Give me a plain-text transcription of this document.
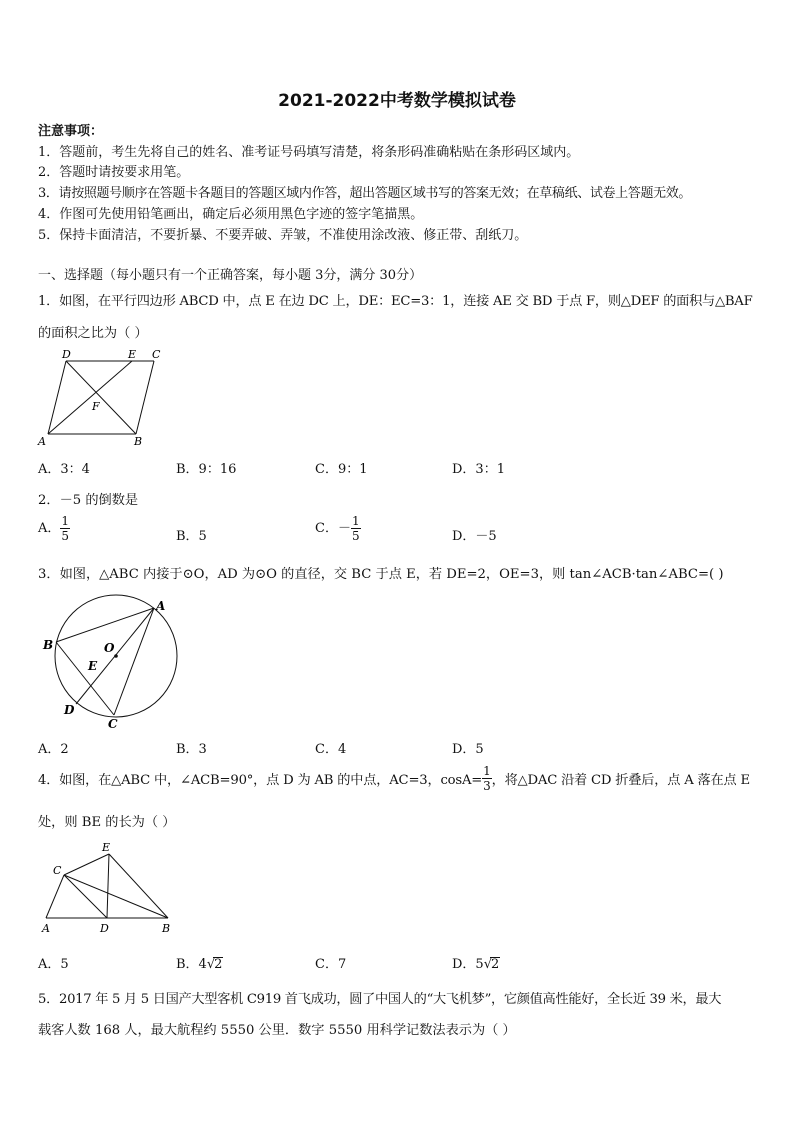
2021-2022中考数学模拟试卷
注意事项：
1．答题前，考生先将自己的姓名、准考证号码填写清楚，将条形码准确粘贴在条形码区域内。
2．答题时请按要求用笔。
3．请按照题号顺序在答题卡各题目的答题区域内作答，超出答题区域书写的答案无效；在草稿纸、试卷上答题无效。
4．作图可先使用铅笔画出，确定后必须用黑色字迹的签字笔描黑。
5．保持卡面清洁，不要折暴、不要弄破、弄皱，不准使用涂改液、修正带、刮纸刀。
一、选择题（每小题只有一个正确答案，每小题 3分，满分 30分）
1．如图，在平行四边形 ABCD 中，点 E 在边 DC 上，DE：EC=3：1，连接 AE 交 BD 于点 F，则△DEF 的面积与△BAF
的面积之比为（ ）
D	E C
F
A	B
A．3：4	B．9：16	C．9：1	D．3：1
2．－5 的倒数是
A． $\frac{1}{5}$	B．5
C．－ $\frac{1}{5}$	D．－5
3．如图，△ABC 内接于⊙O，AD 为⊙O 的直径，交 BC 于点 E，若 DE=2，OE=3，则 tan∠ACB·tan∠ABC=( )
A
B	O
E
D
C
A．2	B．3	C．4	D．5
4．如图，在△ABC 中，∠ACB=90°，点 D 为 AB 的中点，AC=3，$\cos A= \frac{1}{3}$ ，将△DAC 沿着 CD 折叠后，点 A 落在点 E
处，则 BE 的长为（ ）
E
C
A	D	B
A．5	B．4√2	C．7	D．5√2
5．2017 年 5 月 5 日国产大型客机 C919 首飞成功，圆了中国人的“大飞机梦”，它颜值高性能好，全长近 39 米，最大
载客人数 168 人，最大航程约 5550 公里．数字 5550 用科学记数法表示为（ ）
